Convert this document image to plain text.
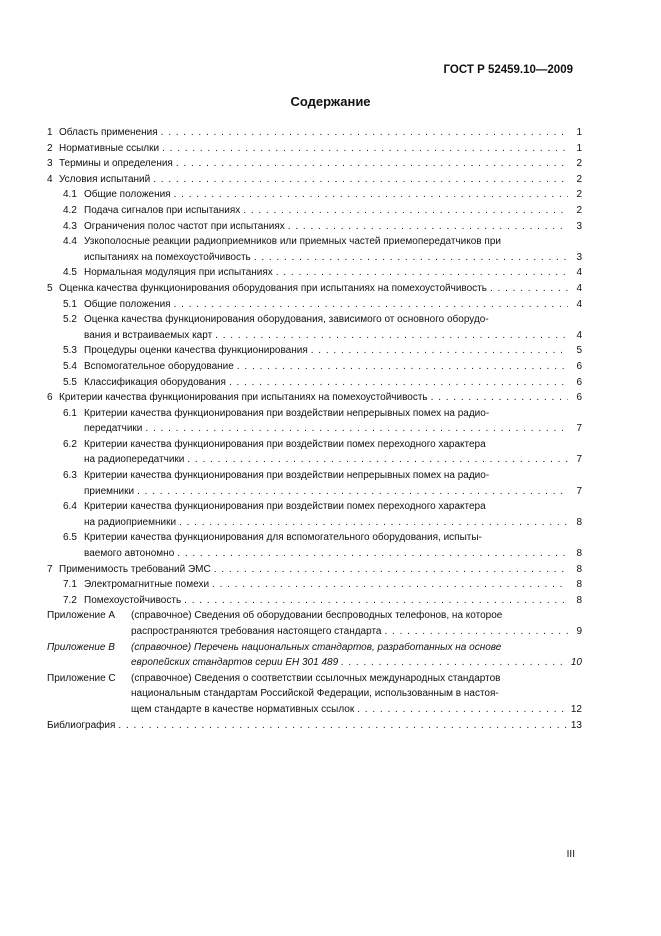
ГОСТ Р 52459.10—2009
Содержание
1 Область применения . . .	1
2 Нормативные ссылки . . .	1
3 Термины и определения . . .	2
4 Условия испытаний . . .	2
4.1 Общие положения . . .	2
4.2 Подача сигналов при испытаниях . . .	2
4.3 Ограничения полос частот при испытаниях . . .	3
4.4 Узкополосные реакции радиоприемников или приемных частей приемопередатчиков при
испытаниях на помехоустойчивость . . .	3
4.5 Нормальная модуляция при испытаниях . . .	4
5 Оценка качества функционирования оборудования при испытаниях на помехоустойчивость . . .	4
5.1 Общие положения . . .	4
5.2 Оценка качества функционирования оборудования, зависимого от основного оборудо-
вания и встраиваемых карт . . .	4
5.3 Процедуры оценки качества функционирования . . .	5
5.4 Вспомогательное оборудование . . .	6
5.5 Классификация оборудования . . .	6
6 Критерии качества функционирования при испытаниях на помехоустойчивость . . .	6
6.1 Критерии качества функционирования при воздействии непрерывных помех на радио-
передатчики . . .	7
6.2 Критерии качества функционирования при воздействии помех переходного характера
на радиопередатчики . . .	7
6.3 Критерии качества функционирования при воздействии непрерывных помех на радио-
приемники . . .	7
6.4 Критерии качества функционирования при воздействии помех переходного характера
на радиоприемники . . .	8
6.5 Критерии качества функционирования для вспомогательного оборудования, испыты-
ваемого автономно . . .	8
7 Применимость требований ЭМС . . .	8
7.1 Электромагнитные помехи . . .	8
7.2 Помехоустойчивость . . .	8
Приложение А	(справочное) Сведения об оборудовании беспроводных телефонов, на которое
распространяются требования настоящего стандарта . . .	9
Приложение В	(справочное) Перечень национальных стандартов, разработанных на основе
европейских стандартов серии ЕН 301 489 . . .	10
Приложение С	(справочное) Сведения о соответствии ссылочных международных стандартов
национальным стандартам Российской Федерации, использованным в настоя-
щем стандарте в качестве нормативных ссылок . . .	12
Библиография . . .	13
III
